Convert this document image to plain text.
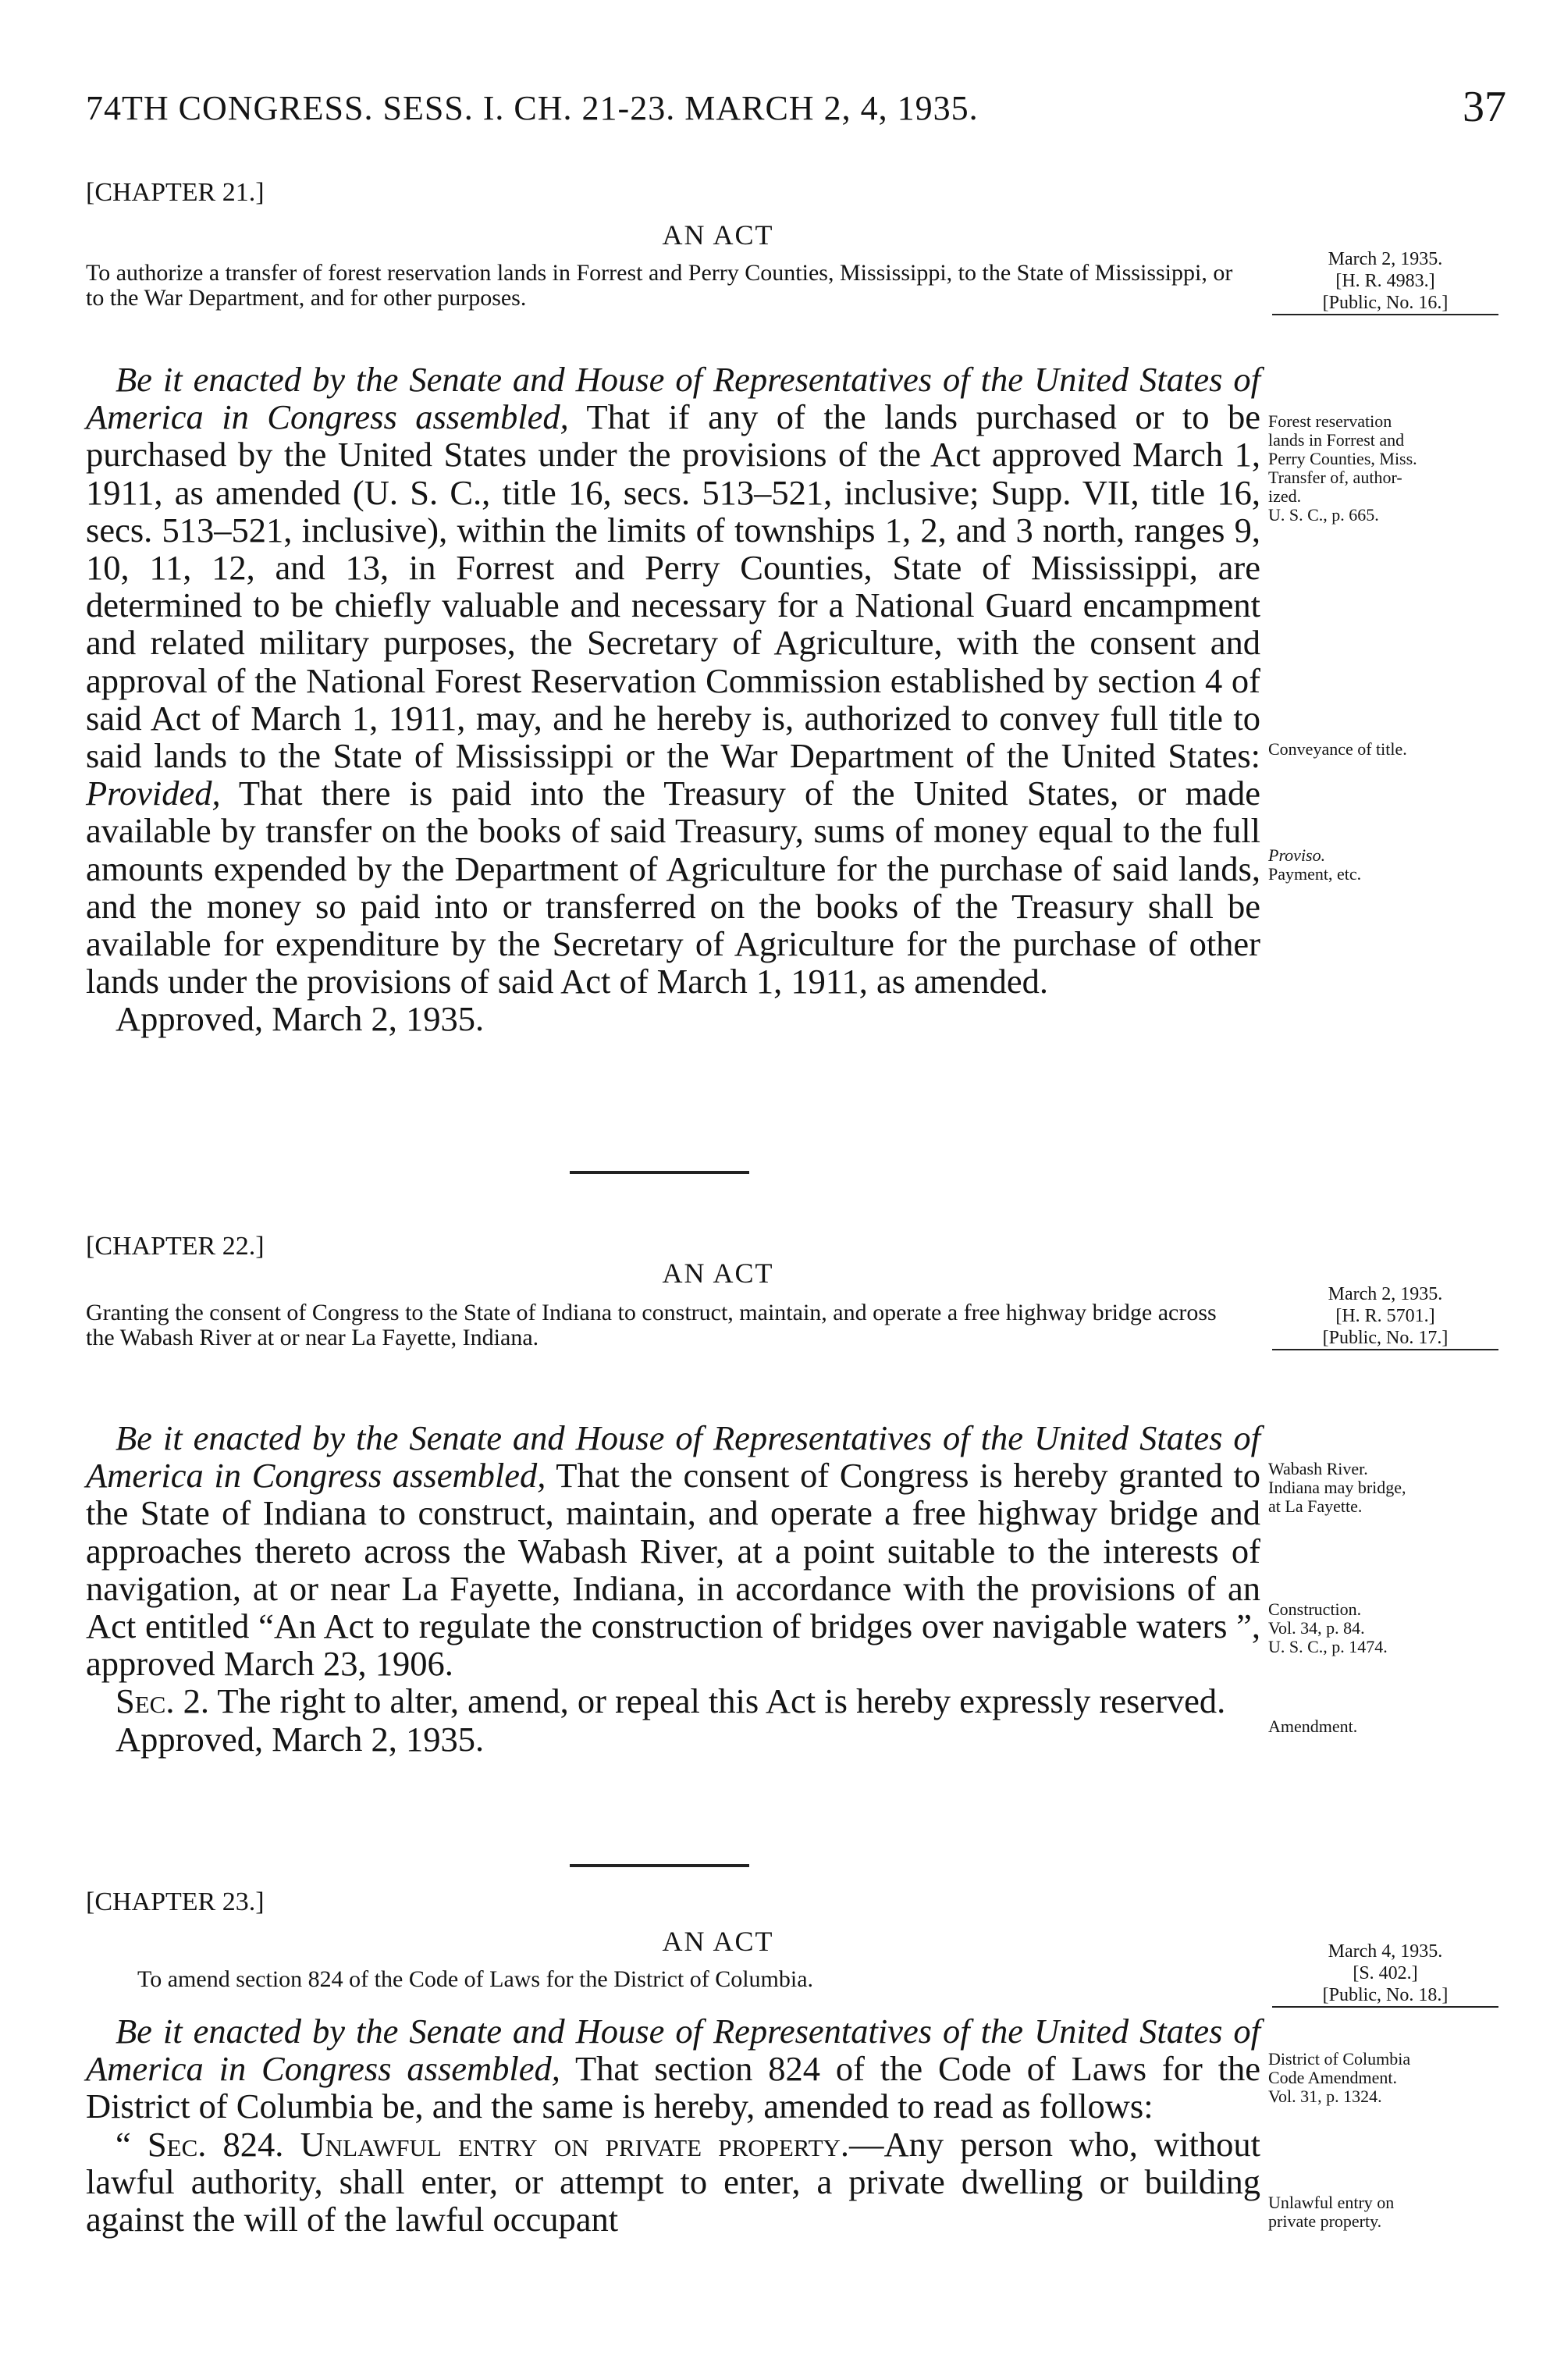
74TH CONGRESS. SESS. I. CH. 21-23. MARCH 2, 4, 1935.	37
[CHAPTER 21.]
AN ACT
To authorize a transfer of forest reservation lands in Forrest and Perry Counties, Mississippi, to the State of Mississippi, or to the War Department, and for other purposes.
March 2, 1935.
[H. R. 4983.]
[Public, No. 16.]

Be it enacted by the Senate and House of Representatives of the United States of America in Congress assembled, That if any of the lands purchased or to be purchased by the United States under the provisions of the Act approved March 1, 1911, as amended (U. S. C., title 16, secs. 513–521, inclusive; Supp. VII, title 16, secs. 513–521, inclusive), within the limits of townships 1, 2, and 3 north, ranges 9, 10, 11, 12, and 13, in Forrest and Perry Counties, State of Mississippi, are determined to be chiefly valuable and necessary for a National Guard encampment and related military purposes, the Secretary of Agriculture, with the consent and approval of the National Forest Reservation Commission established by section 4 of said Act of March 1, 1911, may, and he hereby is, authorized to convey full title to said lands to the State of Mississippi or the War Department of the United States: Provided, That there is paid into the Treasury of the United States, or made available by transfer on the books of said Treasury, sums of money equal to the full amounts expended by the Department of Agriculture for the purchase of said lands, and the money so paid into or transferred on the books of the Treasury shall be available for expenditure by the Secretary of Agriculture for the purchase of other lands under the provisions of said Act of March 1, 1911, as amended.

Approved, March 2, 1935.

Forest reservation
lands in Forrest and
Perry Counties, Miss.
Transfer of, author-
ized.
U. S. C., p. 665.
Conveyance of title.
Proviso.
Payment, etc.
[CHAPTER 22.]
AN ACT
Granting the consent of Congress to the State of Indiana to construct, maintain, and operate a free highway bridge across the Wabash River at or near La Fayette, Indiana.
March 2, 1935.
[H. R. 5701.]
[Public, No. 17.]

Be it enacted by the Senate and House of Representatives of the United States of America in Congress assembled, That the consent of Congress is hereby granted to the State of Indiana to construct, maintain, and operate a free highway bridge and approaches thereto across the Wabash River, at a point suitable to the interests of navigation, at or near La Fayette, Indiana, in accordance with the provisions of an Act entitled “An Act to regulate the construction of bridges over navigable waters ”, approved March 23, 1906.

Sec. 2. The right to alter, amend, or repeal this Act is hereby expressly reserved.

Approved, March 2, 1935.

Wabash River.
Indiana may bridge,
at La Fayette.
Construction.
Vol. 34, p. 84.
U. S. C., p. 1474.
Amendment.
[CHAPTER 23.]
AN ACT
To amend section 824 of the Code of Laws for the District of Columbia.
March 4, 1935.
[S. 402.]
[Public, No. 18.]

Be it enacted by the Senate and House of Representatives of the United States of America in Congress assembled, That section 824 of the Code of Laws for the District of Columbia be, and the same is hereby, amended to read as follows:

“ Sec. 824. Unlawful entry on private property.—Any person who, without lawful authority, shall enter, or attempt to enter, a private dwelling or building against the will of the lawful occupant

District of Columbia
Code Amendment.
Vol. 31, p. 1324.
Unlawful entry on
private property.
